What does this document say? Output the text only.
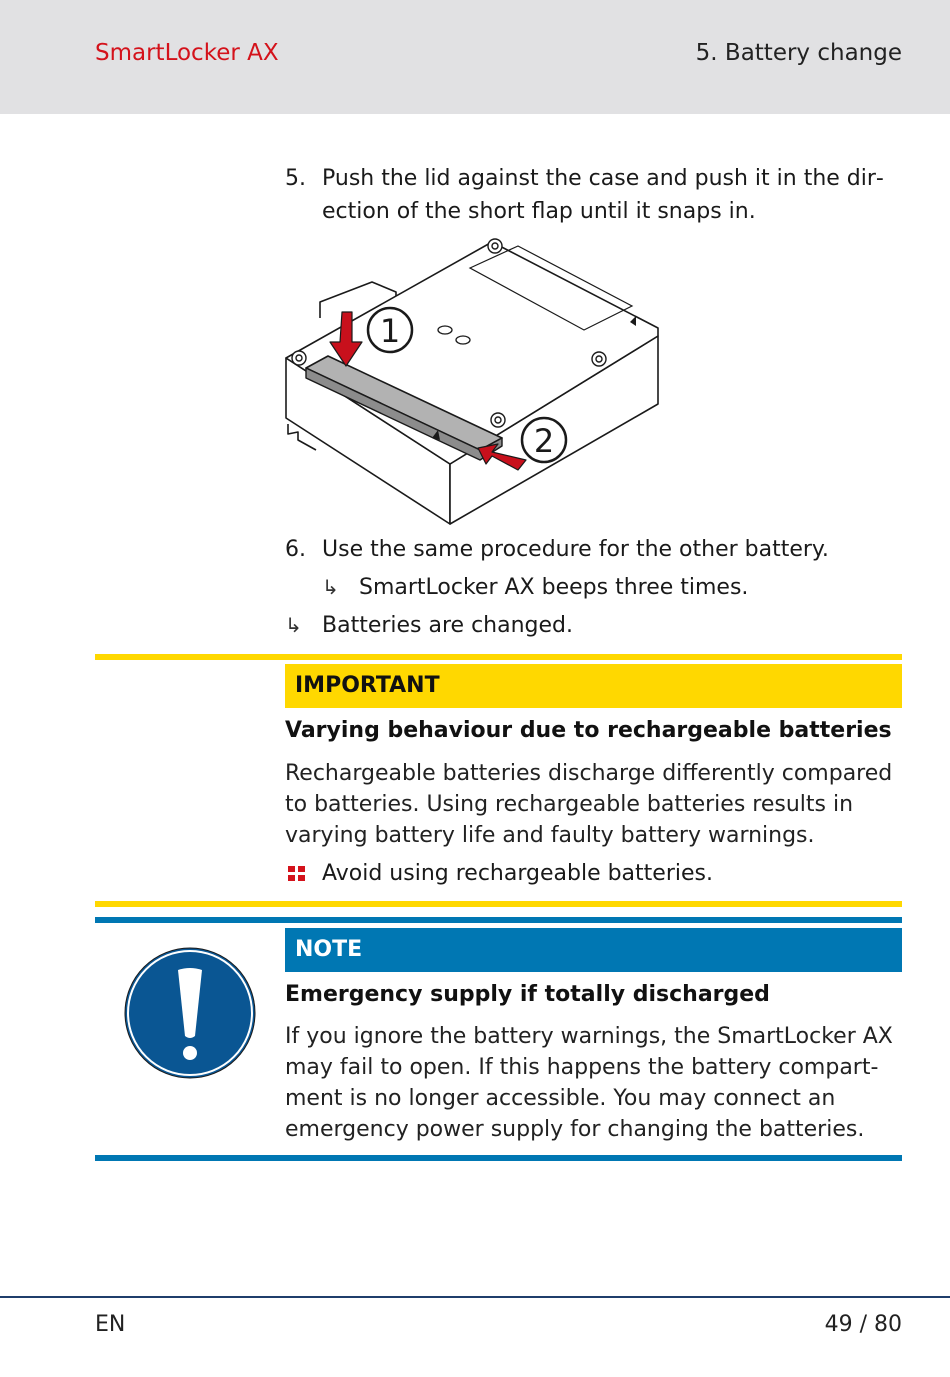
SmartLocker AX	5. Battery change
5. Push the lid against the case and push it in the direction of the short flap until it snaps in.
1
2
6. Use the same procedure for the other battery.
↳ SmartLocker AX beeps three times.
↳ Batteries are changed.
IMPORTANT
Varying behaviour due to rechargeable batteries
Rechargeable batteries discharge differently compared to batteries. Using rechargeable batteries results in varying battery life and faulty battery warnings.
Avoid using rechargeable batteries.
NOTE
Emergency supply if totally discharged
If you ignore the battery warnings, the SmartLocker AX may fail to open. If this happens the battery compartment is no longer accessible. You may connect an emergency power supply for changing the batteries.
EN	49 / 80
